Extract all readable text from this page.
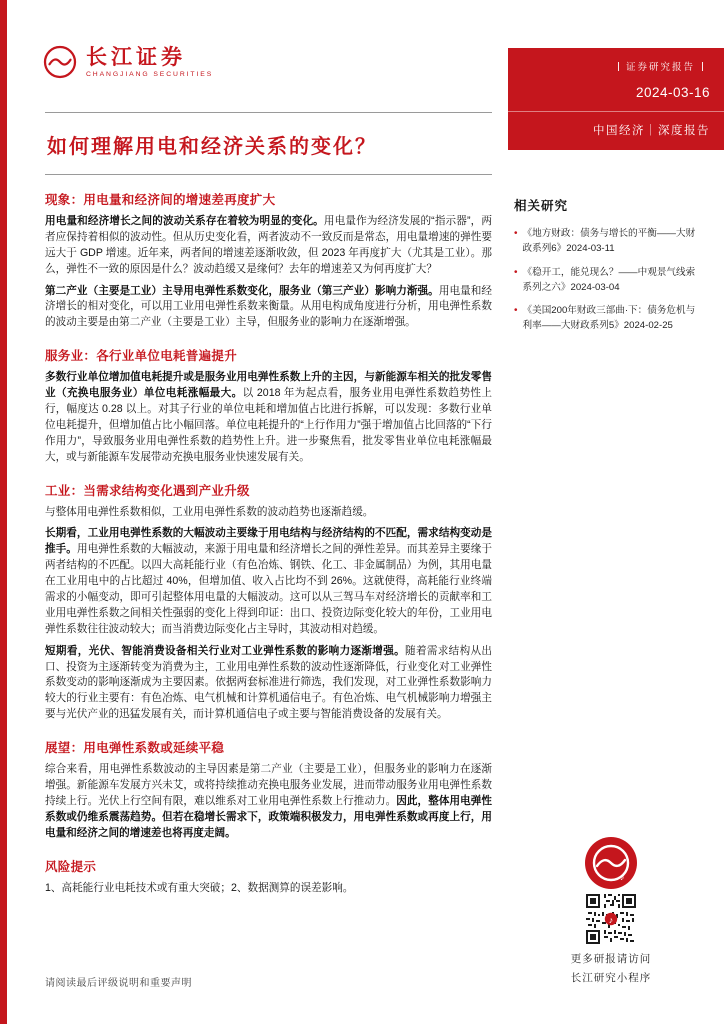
长江证券
CHANGJIANG SECURITIES
证券研究报告
2024-03-16
中国经济｜深度报告
如何理解用电和经济关系的变化？
现象：用电量和经济间的增速差再度扩大

用电量和经济增长之间的波动关系存在着较为明显的变化。用电量作为经济发展的“指示器”，两者应保持着相似的波动性。但从历史变化看，两者波动不一致反而是常态，用电量增速的弹性要远大于 GDP 增速。近年来，两者间的增速差逐渐收敛，但 2023 年再度扩大（尤其是工业）。那么，弹性不一致的原因是什么？波动趋缓又是缘何？去年的增速差又为何再度扩大？

第二产业（主要是工业）主导用电弹性系数变化，服务业（第三产业）影响力渐强。用电量和经济增长的相对变化，可以用工业用电弹性系数来衡量。从用电构成角度进行分析，用电弹性系数的波动主要是由第二产业（主要是工业）主导，但服务业的影响力在逐渐增强。

服务业：各行业单位电耗普遍提升

多数行业单位增加值电耗提升或是服务业用电弹性系数上升的主因，与新能源车相关的批发零售业（充换电服务业）单位电耗涨幅最大。以 2018 年为起点看，服务业用电弹性系数趋势性上行，幅度达 0.28 以上。对其子行业的单位电耗和增加值占比进行拆解，可以发现：多数行业单位电耗提升，但增加值占比小幅回落。单位电耗提升的“上行作用力”强于增加值占比回落的“下行作用力”，导致服务业用电弹性系数的趋势性上升。进一步聚焦看，批发零售业单位电耗涨幅最大，或与新能源车发展带动充换电服务业快速发展有关。

工业：当需求结构变化遇到产业升级

与整体用电弹性系数相似，工业用电弹性系数的波动趋势也逐渐趋缓。

长期看，工业用电弹性系数的大幅波动主要缘于用电结构与经济结构的不匹配，需求结构变动是推手。用电弹性系数的大幅波动，来源于用电量和经济增长之间的弹性差异。而其差异主要缘于两者结构的不匹配。以四大高耗能行业（有色冶炼、钢铁、化工、非金属制品）为例，其用电量在工业用电中的占比超过 40%，但增加值、收入占比均不到 26%。这就使得，高耗能行业终端需求的小幅变动，即可引起整体用电量的大幅波动。这可以从三驾马车对经济增长的贡献率和工业用电弹性系数之间相关性强弱的变化上得到印证：出口、投资边际变化较大的年份，工业用电弹性系数往往波动较大；而当消费边际变化占主导时，其波动相对趋缓。

短期看，光伏、智能消费设备相关行业对工业弹性系数的影响力逐渐增强。随着需求结构从出口、投资为主逐渐转变为消费为主，工业用电弹性系数的波动性逐渐降低，行业变化对工业弹性系数变动的影响逐渐成为主要因素。依据两套标准进行筛选，我们发现，对工业弹性系数影响力较大的行业主要有：有色冶炼、电气机械和计算机通信电子。有色冶炼、电气机械影响力增强主要与光伏产业的迅猛发展有关，而计算机通信电子或主要与智能消费设备的发展有关。

展望：用电弹性系数或延续平稳

综合来看，用电弹性系数波动的主导因素是第二产业（主要是工业），但服务业的影响力在逐渐增强。新能源车发展方兴未艾，或将持续推动充换电服务业发展，进而带动服务业用电弹性系数持续上行。光伏上行空间有限，难以维系对工业用电弹性系数上行推动力。因此，整体用电弹性系数或仍维系震荡趋势。但若在稳增长需求下，政策端积极发力，用电弹性系数或再度上行，用电量和经济之间的增速差也将再度走阔。

风险提示

1、高耗能行业电耗技术或有重大突破；2、数据测算的误差影响。

相关研究
• 《地方财政：债务与增长的平衡——大财政系列6》2024-03-11
• 《稳开工，能兑现么？——中观景气线索系列之六》2024-03-04
• 《美国200年财政三部曲·下：债务危机与利率——大财政系列5》2024-02-25
♪
♪
更多研报请访问
长江研究小程序
请阅读最后评级说明和重要声明
